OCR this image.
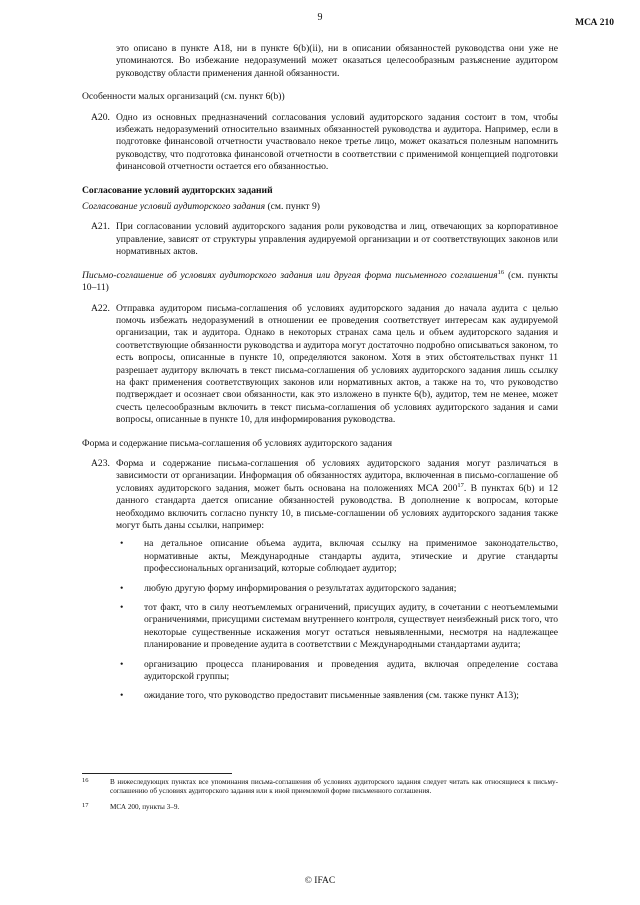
9	МСА 210

это описано в пункте А18, ни в пункте 6(b)(ii), ни в описании обязанностей руководства они уже не упоминаются. Во избежание недоразумений может оказаться целесообразным разъяснение аудитором руководству области применения данной обязанности.

Особенности малых организаций (см. пункт 6(b))

A20. Одно из основных предназначений согласования условий аудиторского задания состоит в том, чтобы избежать недоразумений относительно взаимных обязанностей руководства и аудитора. Например, если в подготовке финансовой отчетности участвовало некое третье лицо, может оказаться полезным напомнить руководству, что подготовка финансовой отчетности в соответствии с применимой концепцией подготовки финансовой отчетности остается его обязанностью.

Согласование условий аудиторских заданий

Согласование условий аудиторского задания (см. пункт 9)

A21. При согласовании условий аудиторского задания роли руководства и лиц, отвечающих за корпоративное управление, зависят от структуры управления аудируемой организации и от соответствующих законов или нормативных актов.

Письмо-соглашение об условиях аудиторского задания или другая форма письменного соглашения$^{16}$ (см. пункты 10–11)

A22. Отправка аудитором письма-соглашения об условиях аудиторского задания до начала аудита с целью помочь избежать недоразумений в отношении ее проведения соответствует интересам как аудируемой организации, так и аудитора. Однако в некоторых странах сама цель и объем аудиторского задания и соответствующие обязанности руководства и аудитора могут достаточно подробно описываться законом, то есть вопросы, описанные в пункте 10, определяются законом. Хотя в этих обстоятельствах пункт 11 разрешает аудитору включать в текст письма-соглашения об условиях аудиторского задания лишь ссылку на факт применения соответствующих законов или нормативных актов, а также на то, что руководство подтверждает и осознает свои обязанности, как это изложено в пункте 6(b), аудитор, тем не менее, может счесть целесообразным включить в текст письма-соглашения об условиях аудиторского задания и сами вопросы, описанные в пункте 10, для информирования руководства.

Форма и содержание письма-соглашения об условиях аудиторского задания

A23. Форма и содержание письма-соглашения об условиях аудиторского задания могут различаться в зависимости от организации. Информация об обязанностях аудитора, включенная в письмо-соглашение об условиях аудиторского задания, может быть основана на положениях МСА $200^{17}$. В пунктах 6(b) и 12 данного стандарта дается описание обязанностей руководства. В дополнение к вопросам, которые необходимо включить согласно пункту 10, в письме-соглашении об условиях аудиторского задания также могут быть даны ссылки, например:

• на детальное описание объема аудита, включая ссылку на применимое законодательство, нормативные акты, Международные стандарты аудита, этические и другие стандарты профессиональных организаций, которые соблюдает аудитор;
• любую другую форму информирования о результатах аудиторского задания;
• тот факт, что в силу неотъемлемых ограничений, присущих аудиту, в сочетании с неотъемлемыми ограничениями, присущими системам внутреннего контроля, существует неизбежный риск того, что некоторые существенные искажения могут остаться невыявленными, несмотря на надлежащее планирование и проведение аудита в соответствии с Международными стандартами аудита;
• организацию процесса планирования и проведения аудита, включая определение состава аудиторской группы;
• ожидание того, что руководство предоставит письменные заявления (см. также пункт А13);
16	В нижеследующих пунктах все упоминания письма-соглашения об условиях аудиторского задания следует читать как относящиеся к письму-соглашению об условиях аудиторского задания или к иной приемлемой форме письменного соглашения.
17	МСА 200, пункты 3–9.
© IFAC
